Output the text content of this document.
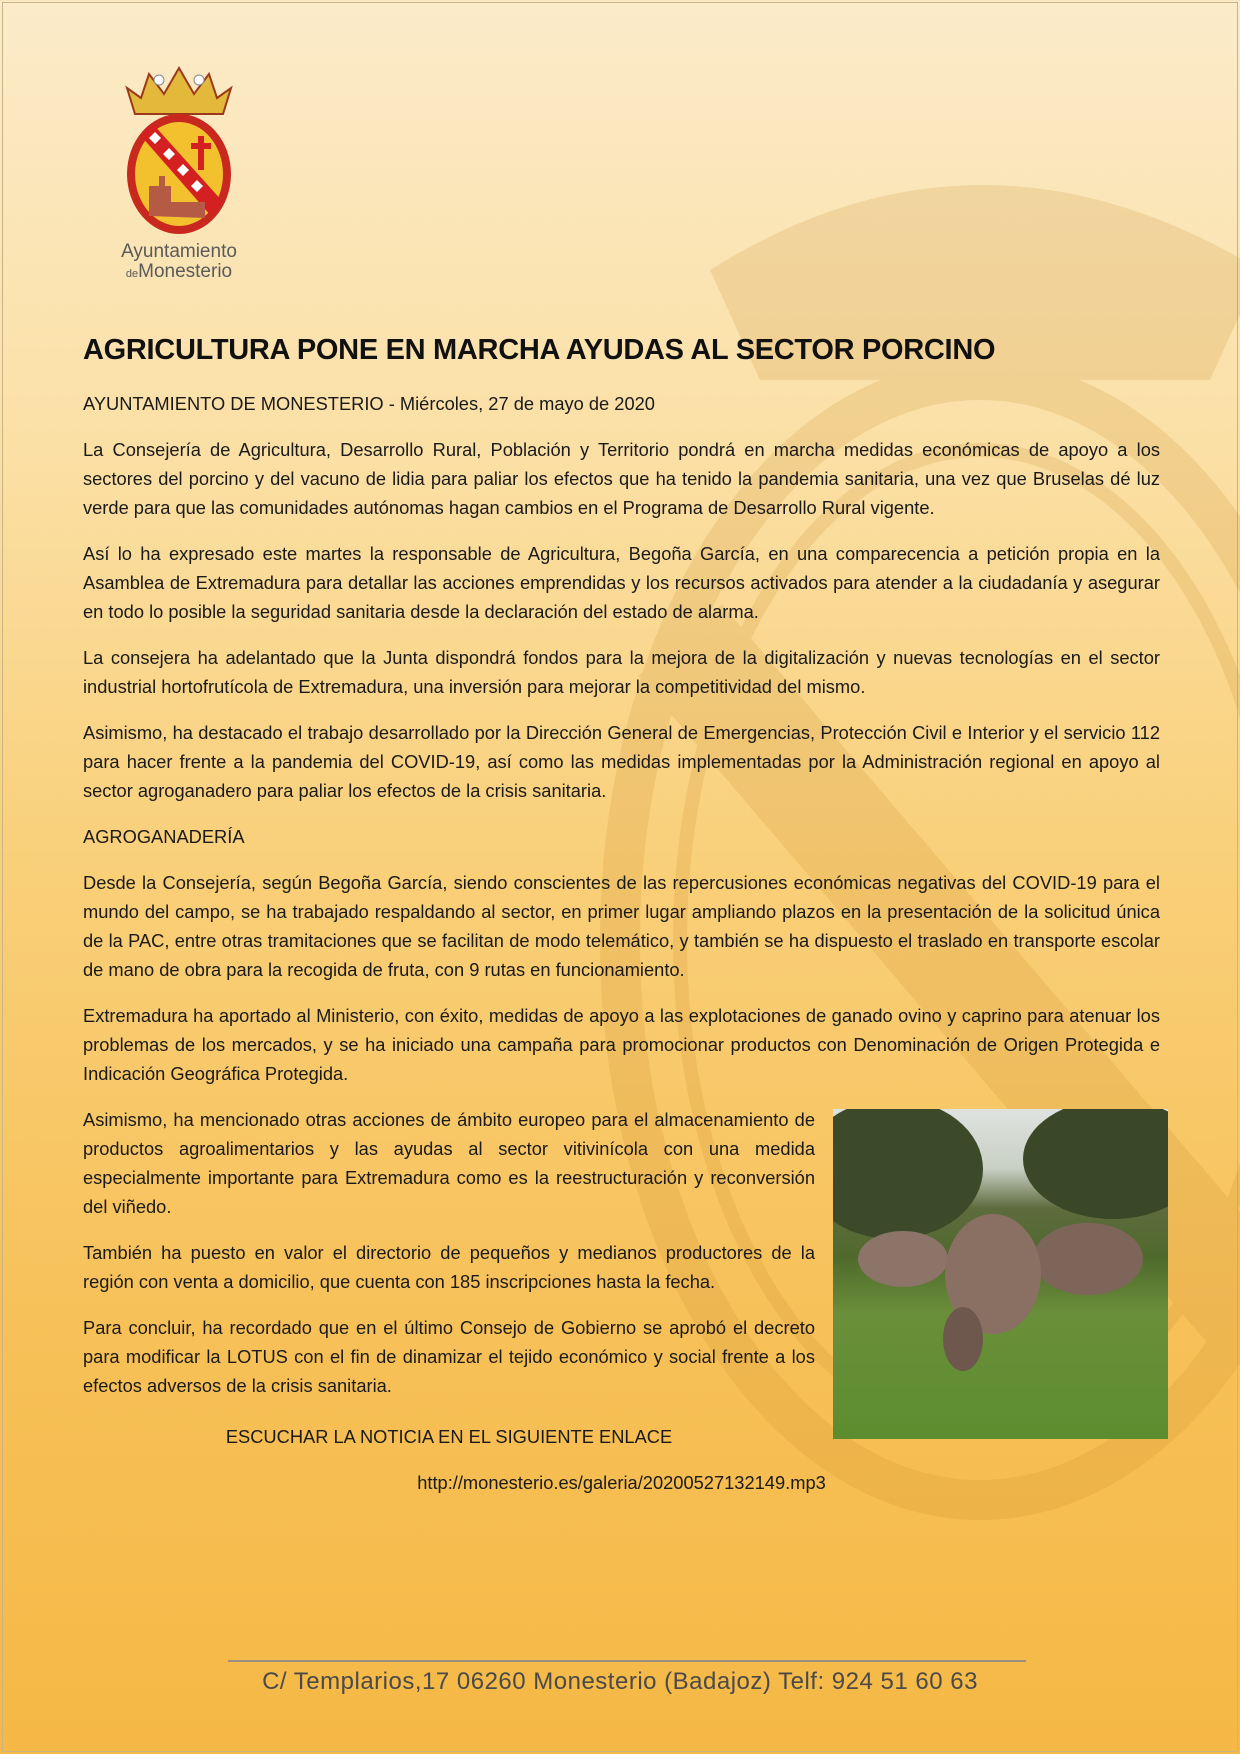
Ayuntamiento
deMonesterio
AGRICULTURA PONE EN MARCHA AYUDAS AL SECTOR PORCINO

AYUNTAMIENTO DE MONESTERIO - Miércoles, 27 de mayo de 2020

La Consejería de Agricultura, Desarrollo Rural, Población y Territorio pondrá en marcha medidas económicas de apoyo a los sectores del porcino y del vacuno de lidia para paliar los efectos que ha tenido la pandemia sanitaria, una vez que Bruselas dé luz verde para que las comunidades autónomas hagan cambios en el Programa de Desarrollo Rural vigente.

Así lo ha expresado este martes la responsable de Agricultura, Begoña García, en una comparecencia a petición propia en la Asamblea de Extremadura para detallar las acciones emprendidas y los recursos activados para atender a la ciudadanía y asegurar en todo lo posible la seguridad sanitaria desde la declaración del estado de alarma.

La consejera ha adelantado que la Junta dispondrá fondos para la mejora de la digitalización y nuevas tecnologías en el sector industrial hortofrutícola de Extremadura, una inversión para mejorar la competitividad del mismo.

Asimismo, ha destacado el trabajo desarrollado por la Dirección General de Emergencias, Protección Civil e Interior y el servicio 112 para hacer frente a la pandemia del COVID-19, así como las medidas implementadas por la Administración regional en apoyo al sector agroganadero para paliar los efectos de la crisis sanitaria.

AGROGANADERÍA

Desde la Consejería, según Begoña García, siendo conscientes de las repercusiones económicas negativas del COVID-19 para el mundo del campo, se ha trabajado respaldando al sector, en primer lugar ampliando plazos en la presentación de la solicitud única de la PAC, entre otras tramitaciones que se facilitan de modo telemático, y también se ha dispuesto el traslado en transporte escolar de mano de obra para la recogida de fruta, con 9 rutas en funcionamiento.

Extremadura ha aportado al Ministerio, con éxito, medidas de apoyo a las explotaciones de ganado ovino y caprino para atenuar los problemas de los mercados, y se ha iniciado una campaña para promocionar productos con Denominación de Origen Protegida e Indicación Geográfica Protegida.

Asimismo, ha mencionado otras acciones de ámbito europeo para el almacenamiento de productos agroalimentarios y las ayudas al sector vitivinícola con una medida especialmente importante para Extremadura como es la reestructuración y reconversión del viñedo.

También ha puesto en valor el directorio de pequeños y medianos productores de la región con venta a domicilio, que cuenta con 185 inscripciones hasta la fecha.

Para concluir, ha recordado que en el último Consejo de Gobierno se aprobó el decreto para modificar la LOTUS con el fin de dinamizar el tejido económico y social frente a los efectos adversos de la crisis sanitaria.

ESCUCHAR LA NOTICIA EN EL SIGUIENTE ENLACE

http://monesterio.es/galeria/20200527132149.mp3

C/ Templarios,17 06260 Monesterio (Badajoz) Telf: 924 51 60 63
